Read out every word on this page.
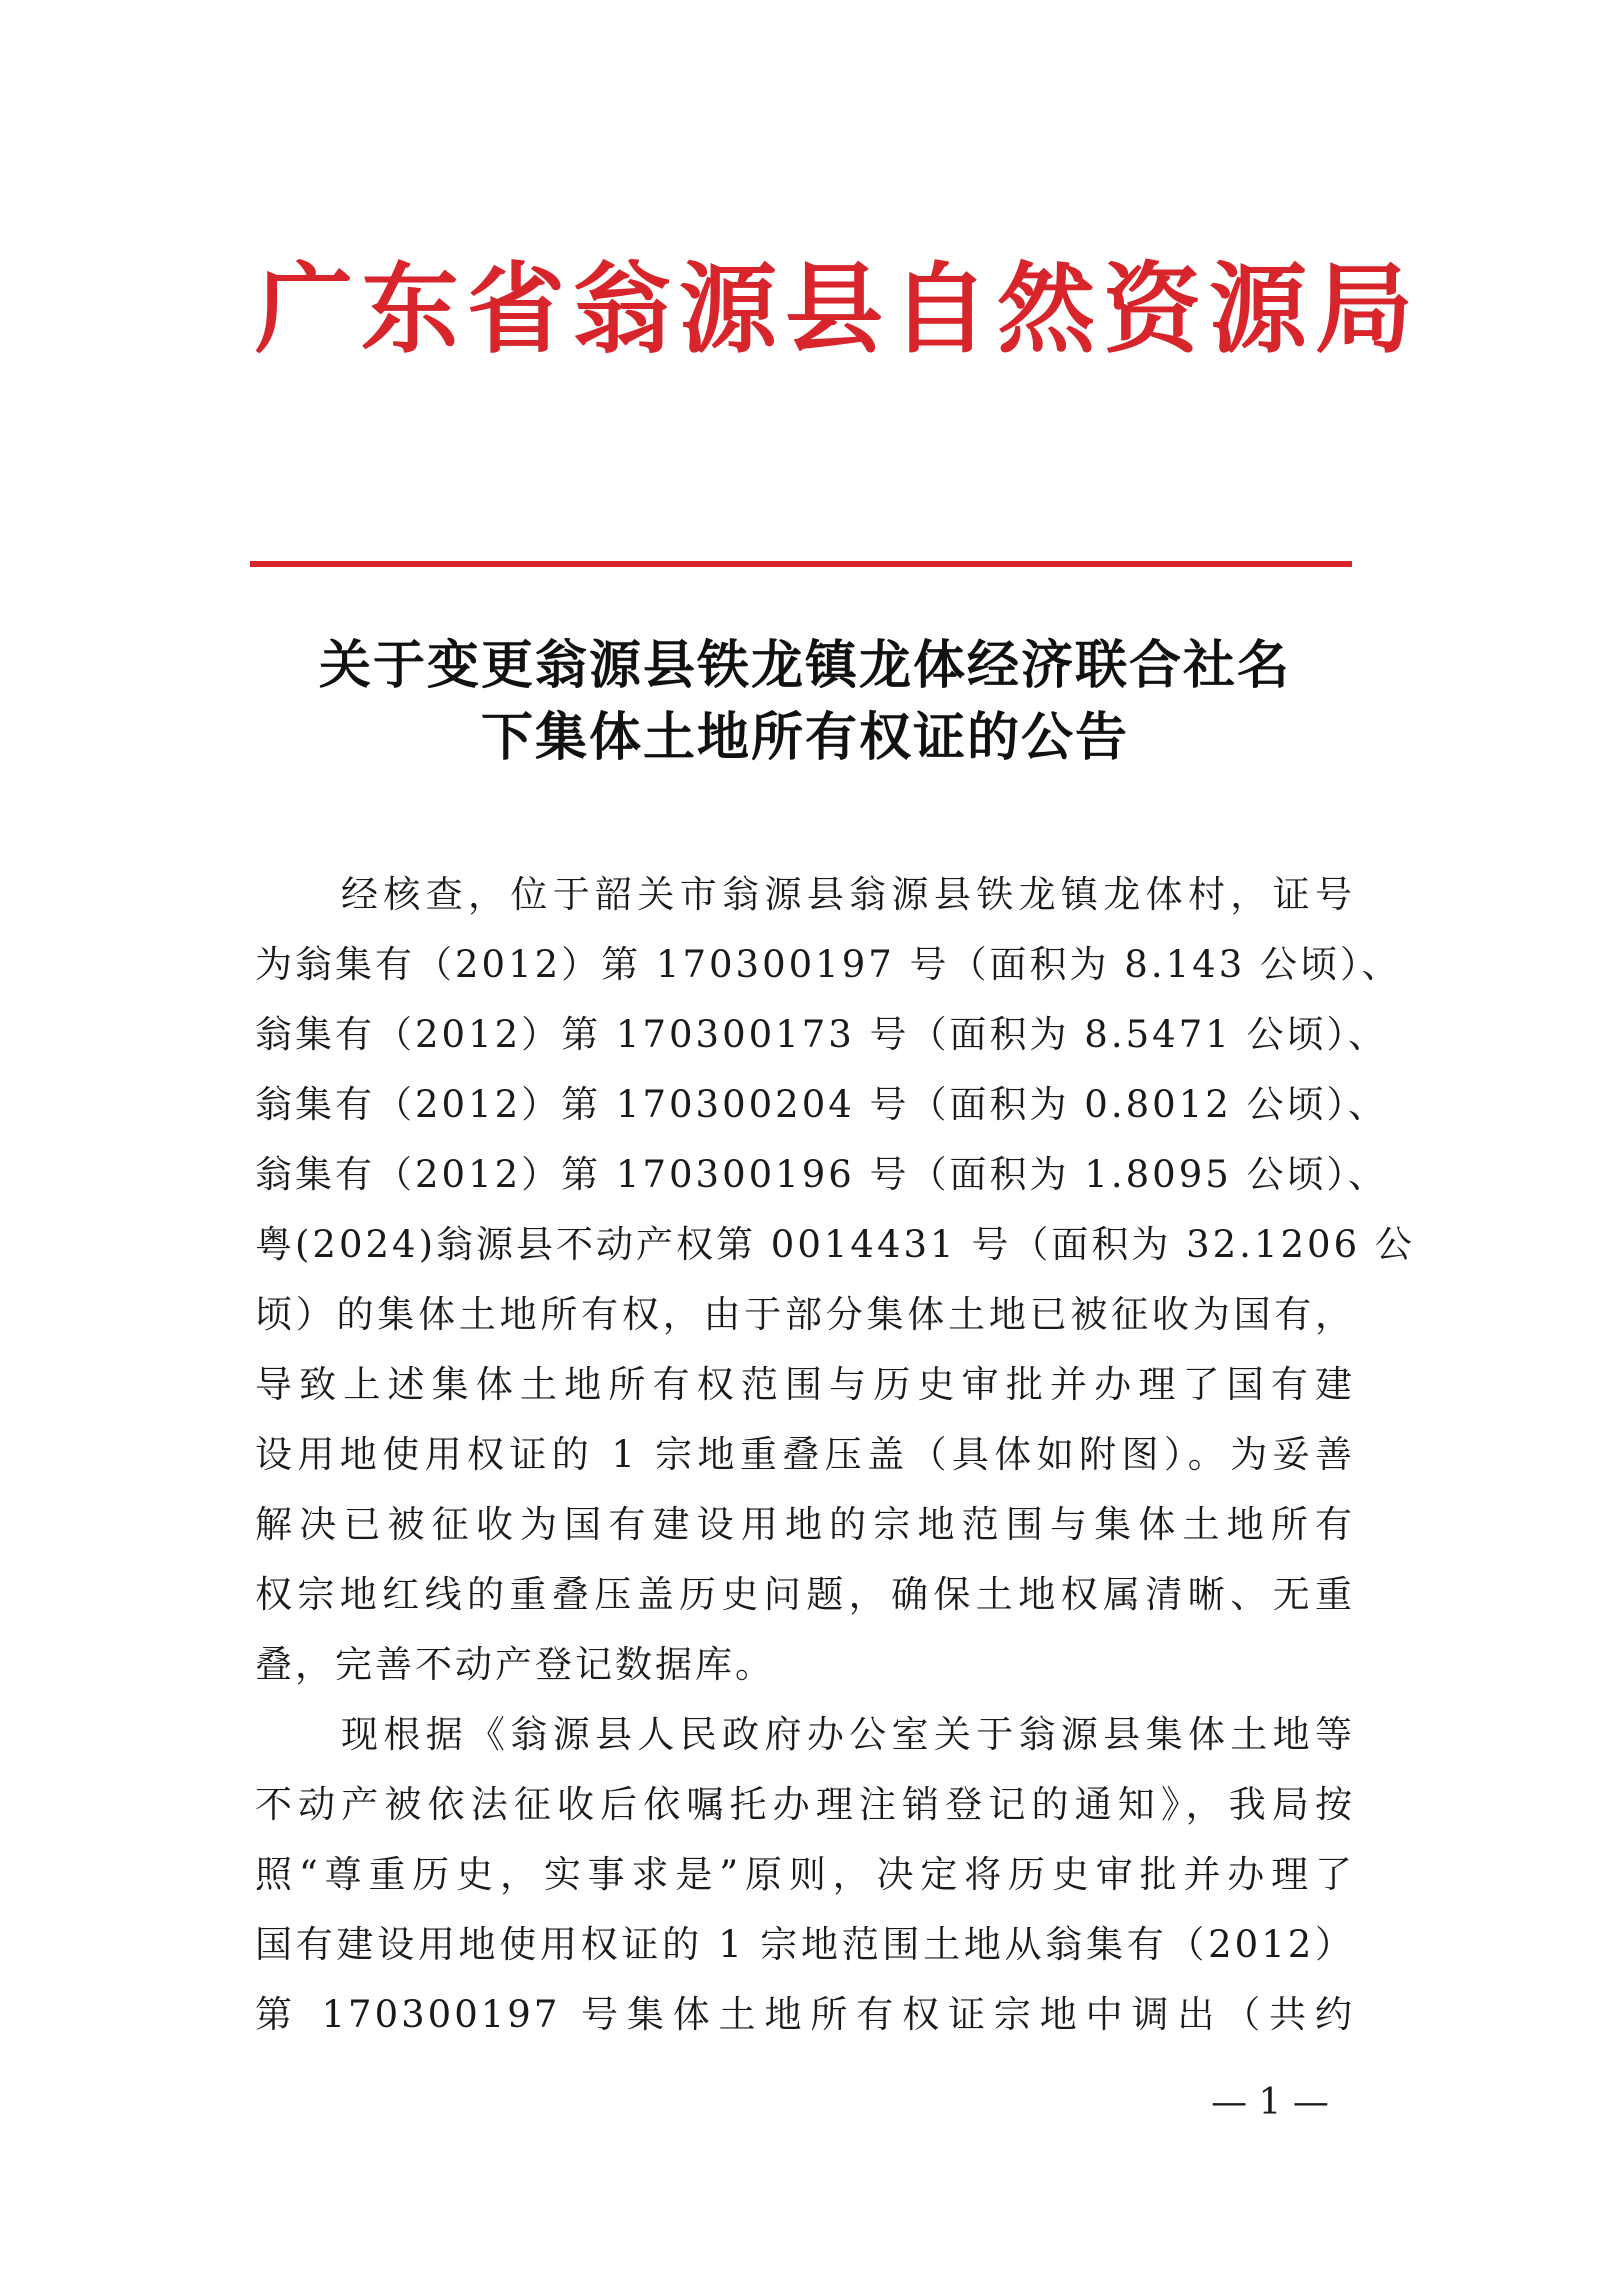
广东省翁源县自然资源局
关于变更翁源县铁龙镇龙体经济联合社名
下集体土地所有权证的公告
经核查，位于韶关市翁源县翁源县铁龙镇龙体村，证号
为翁集有（2012）第 170300197 号（面积为 8.143 公顷）、
翁集有（2012）第 170300173 号（面积为 8.5471 公顷）、
翁集有（2012）第 170300204 号（面积为 0.8012 公顷）、
翁集有（2012）第 170300196 号（面积为 1.8095 公顷）、
粤(2024)翁源县不动产权第 0014431 号（面积为 32.1206 公
顷）的集体土地所有权，由于部分集体土地已被征收为国有，
导致上述集体土地所有权范围与历史审批并办理了国有建
设用地使用权证的 1 宗地重叠压盖（具体如附图）。为妥善
解决已被征收为国有建设用地的宗地范围与集体土地所有
权宗地红线的重叠压盖历史问题，确保土地权属清晰、无重
叠，完善不动产登记数据库。
现根据《翁源县人民政府办公室关于翁源县集体土地等
不动产被依法征收后依嘱托办理注销登记的通知》，我局按
照“尊重历史，实事求是”原则，决定将历史审批并办理了
国有建设用地使用权证的 1 宗地范围土地从翁集有（2012）
第 170300197 号集体土地所有权证宗地中调出（共约
— 1 —
